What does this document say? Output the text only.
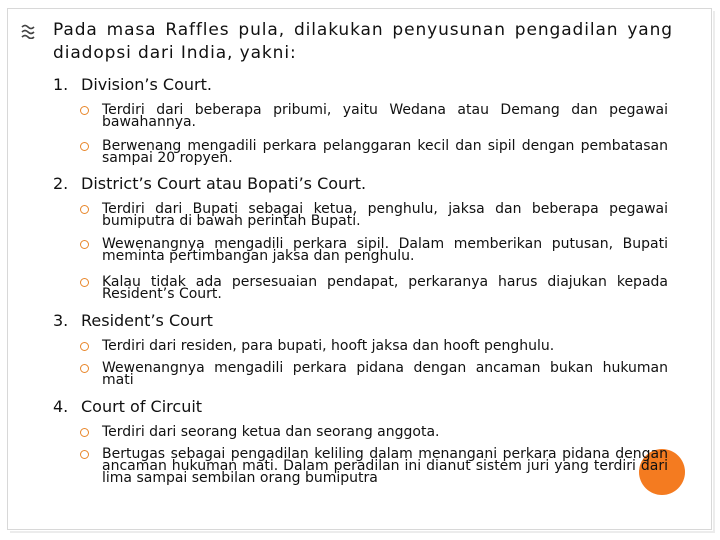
Pada masa Raffles pula, dilakukan penyusunan pengadilan yang diadopsi dari India, yakni:
1. Division’s Court.
Terdiri dari beberapa pribumi, yaitu Wedana atau Demang dan pegawai bawahannya.
Berwenang mengadili perkara pelanggaran kecil dan sipil dengan pembatasan sampai 20 ropyen.
2. District’s Court atau Bopati’s Court.
Terdiri dari Bupati sebagai ketua, penghulu, jaksa dan beberapa pegawai bumiputra di bawah perintah Bupati.
Wewenangnya mengadili perkara sipil. Dalam memberikan putusan, Bupati meminta pertimbangan jaksa dan penghulu.
Kalau tidak ada persesuaian pendapat, perkaranya harus diajukan kepada Resident’s Court.
3. Resident’s Court
Terdiri dari residen, para bupati, hooft jaksa dan hooft penghulu.
Wewenangnya mengadili perkara pidana dengan ancaman bukan hukuman mati
4. Court of Circuit
Terdiri dari seorang ketua dan seorang anggota.
Bertugas sebagai pengadilan keliling dalam menangani perkara pidana dengan ancaman hukuman mati. Dalam peradilan ini dianut sistem juri yang terdiri dari lima sampai sembilan orang bumiputra
